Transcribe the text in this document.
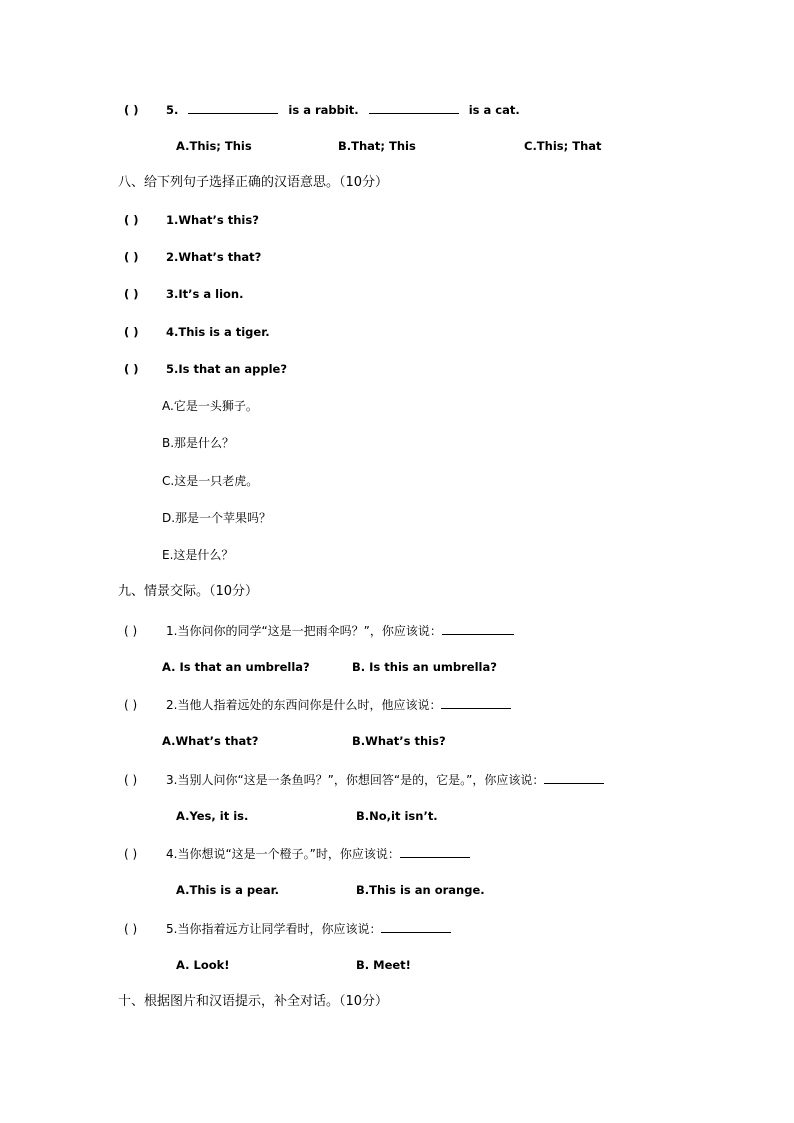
( ) 5.	is a rabbit.	is a cat.
A.This; This	B.That; This	C.This; That
八、给下列句子选择正确的汉语意思。（10分）
( ) 1.What’s this?
( ) 2.What’s that?
( ) 3.It’s a lion.
( ) 4.This is a tiger.
( ) 5.Is that an apple?
A.它是一头狮子。
B.那是什么？
C.这是一只老虎。
D.那是一个苹果吗？
E.这是什么？
九、情景交际。（10分）
( ) 1.当你问你的同学“这是一把雨伞吗？”，你应该说：
A. Is that an umbrella?	B. Is this an umbrella?
( ) 2.当他人指着远处的东西问你是什么时，他应该说：
A.What’s that?	B.What’s this?
( ) 3.当别人问你“这是一条鱼吗？”，你想回答“是的，它是。”，你应该说：
A.Yes, it is.	B.No,it isn’t.
( ) 4.当你想说“这是一个橙子。”时，你应该说：
A.This is a pear.	B.This is an orange.
( ) 5.当你指着远方让同学看时，你应该说：
A. Look!	B. Meet!
十、根据图片和汉语提示，补全对话。（10分）
